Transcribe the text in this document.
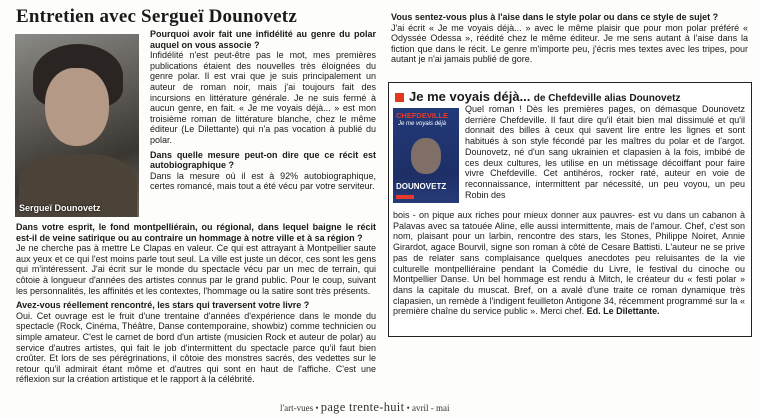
Entretien avec Sergueï Dounovetz
Sergueï Dounovetz
Pourquoi avoir fait une infidélité au genre du polar auquel on vous associe ?
Infidélité n'est peut-être pas le mot, mes premières publications étaient des nouvelles très éloignées du genre polar. Il est vrai que je suis principalement un auteur de roman noir, mais j'ai toujours fait des incursions en littérature générale. Je ne suis fermé à aucun genre, en fait. « Je me voyais déjà... » est mon troisième roman de littérature blanche, chez le même éditeur (Le Dilettante) qui n'a pas vocation à publié du polar.
Dans quelle mesure peut-on dire que ce récit est autobiographique ?
Dans la mesure où il est à 92% autobiographique, certes romancé, mais tout a été vécu par votre serviteur.
Dans votre esprit, le fond montpelliérain, ou régional, dans lequel baigne le récit est-il de veine satirique ou au contraire un hommage à notre ville et à sa région ?
Je ne cherche pas à mettre Le Clapas en valeur. Ce qui est attrayant à Montpellier saute aux yeux et ce qui l'est moins parle tout seul. La ville est juste un décor, ces sont les gens qui m'intéressent. J'ai écrit sur le monde du spectacle vécu par un mec de terrain, qui côtoie à longueur d'années des artistes connus par le grand public. Pour le coup, suivant les personnalités, les affinités et les contextes, l'hommage ou la satire sont très présents.
Avez-vous réellement rencontré, les stars qui traversent votre livre ?
Oui. Cet ouvrage est le fruit d'une trentaine d'années d'expérience dans le monde du spectacle (Rock, Cinéma, Théâtre, Danse contemporaine, showbiz) comme technicien ou simple amateur. C'est le carnet de bord d'un artiste (musicien Rock et auteur de polar) au service d'autres artistes, qui fait le job d'intermittent du spectacle parce qu'il faut bien croûter. Et lors de ses pérégrinations, il côtoie des monstres sacrés, des vedettes sur le retour qu'il admirait étant môme et d'autres qui sont en haut de l'affiche. C'est une réflexion sur la création artistique et le rapport à la célébrité.
Vous sentez-vous plus à l'aise dans le style polar ou dans ce style de sujet ?
J'ai écrit « Je me voyais déjà... » avec le même plaisir que pour mon polar préféré « Odyssée Odessa », réédité chez le même éditeur. Je me sens autant à l'aise dans la fiction que dans le récit. Le genre m'importe peu, j'écris mes textes avec les tripes, pour autant je n'ai jamais publié de gore.
Je me voyais déjà... de Chefdeville alias Dounovetz
CHEFDEVILLE
Je me voyais déjà
DOUNOVETZ
Quel roman ! Dès les premières pages, on démasque Dounovetz derrière Chefdeville. Il faut dire qu'il était bien mal dissimulé et qu'il donnait des billes à ceux qui savent lire entre les lignes et sont habitués à son style fécondé par les maîtres du polar et de l'argot. Dounovetz, né d'un sang ukrainien et clapasien à la fois, imbibé de ces deux cultures, les utilise en un métissage décoiffant pour faire vivre Chefdeville. Cet antihéros, rocker raté, auteur en voie de reconnaissance, intermittent par nécessité, un peu voyou, un peu Robin des
bois - on pique aux riches pour mieux donner aux pauvres- est vu dans un cabanon à Palavas avec sa tatouée Aline, elle aussi intermittente, mais de l'amour. Chef, c'est son nom, plaisant pour un larbin, rencontre des stars, les Stones, Philippe Noiret, Annie Girardot, agace Bourvil, signe son roman à côté de Cesare Battisti. L'auteur ne se prive pas de relater sans complaisance quelques anecdotes peu reluisantes de la vie culturelle montpelliéraine pendant la Comédie du Livre, le festival du cinoche ou Montpellier Danse. Un bel hommage est rendu à Mitch, le créateur du « festi polar » dans la capitale du muscat. Bref, on a avalé d'une traite ce roman dynamique très clapasien, un remède à l'indigent feuilleton Antigone 34, récemment programmé sur la « première chaîne du service public ». Merci chef. Ed. Le Dilettante.
l'art-vues • page trente-huit • avril - mai
